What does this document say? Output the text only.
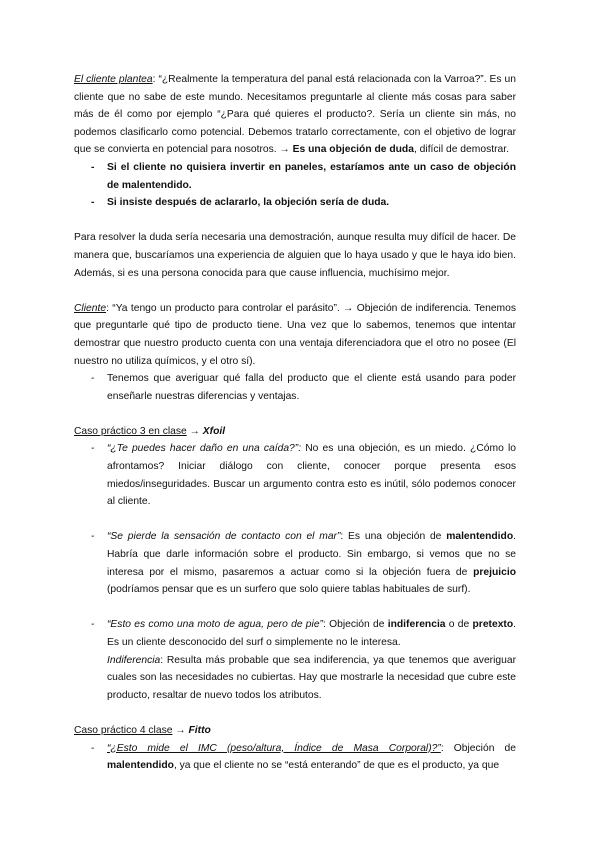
El cliente plantea: “¿Realmente la temperatura del panal está relacionada con la Varroa?”. Es un cliente que no sabe de este mundo. Necesitamos preguntarle al cliente más cosas para saber más de él como por ejemplo “¿Para qué quieres el producto?. Sería un cliente sin más, no podemos clasificarlo como potencial. Debemos tratarlo correctamente, con el objetivo de lograr que se convierta en potencial para nosotros. → Es una objeción de duda, difícil de demostrar.

- Si el cliente no quisiera invertir en paneles, estaríamos ante un caso de objeción de malentendido.
- Si insiste después de aclararlo, la objeción sería de duda.

Para resolver la duda sería necesaria una demostración, aunque resulta muy difícil de hacer. De manera que, buscaríamos una experiencia de alguien que lo haya usado y que le haya ido bien. Además, si es una persona conocida para que cause influencia, muchísimo mejor.

Cliente: “Ya tengo un producto para controlar el parásito”. → Objeción de indiferencia. Tenemos que preguntarle qué tipo de producto tiene. Una vez que lo sabemos, tenemos que intentar demostrar que nuestro producto cuenta con una ventaja diferenciadora que el otro no posee (El nuestro no utiliza químicos, y el otro sí).

- Tenemos que averiguar qué falla del producto que el cliente está usando para poder enseñarle nuestras diferencias y ventajas.

Caso práctico 3 en clase → Xfoil

- “¿Te puedes hacer daño en una caída?”: No es una objeción, es un miedo. ¿Cómo lo afrontamos? Iniciar diálogo con cliente, conocer porque presenta esos miedos/inseguridades. Buscar un argumento contra esto es inútil, sólo podemos conocer al cliente.
- “Se pierde la sensación de contacto con el mar”: Es una objeción de malentendido. Habría que darle información sobre el producto. Sin embargo, si vemos que no se interesa por el mismo, pasaremos a actuar como si la objeción fuera de prejuicio (podríamos pensar que es un surfero que solo quiere tablas habituales de surf).
- “Esto es como una moto de agua, pero de pie”: Objeción de indiferencia o de pretexto. Es un cliente desconocido del surf o simplemente no le interesa.

Indiferencia: Resulta más probable que sea indiferencia, ya que tenemos que averiguar cuales son las necesidades no cubiertas. Hay que mostrarle la necesidad que cubre este producto, resaltar de nuevo todos los atributos.

Caso práctico 4 clase → Fitto

- “¿Esto mide el IMC (peso/altura, Índice de Masa Corporal)?”: Objeción de malentendido, ya que el cliente no se “está enterando” de que es el producto, ya que
